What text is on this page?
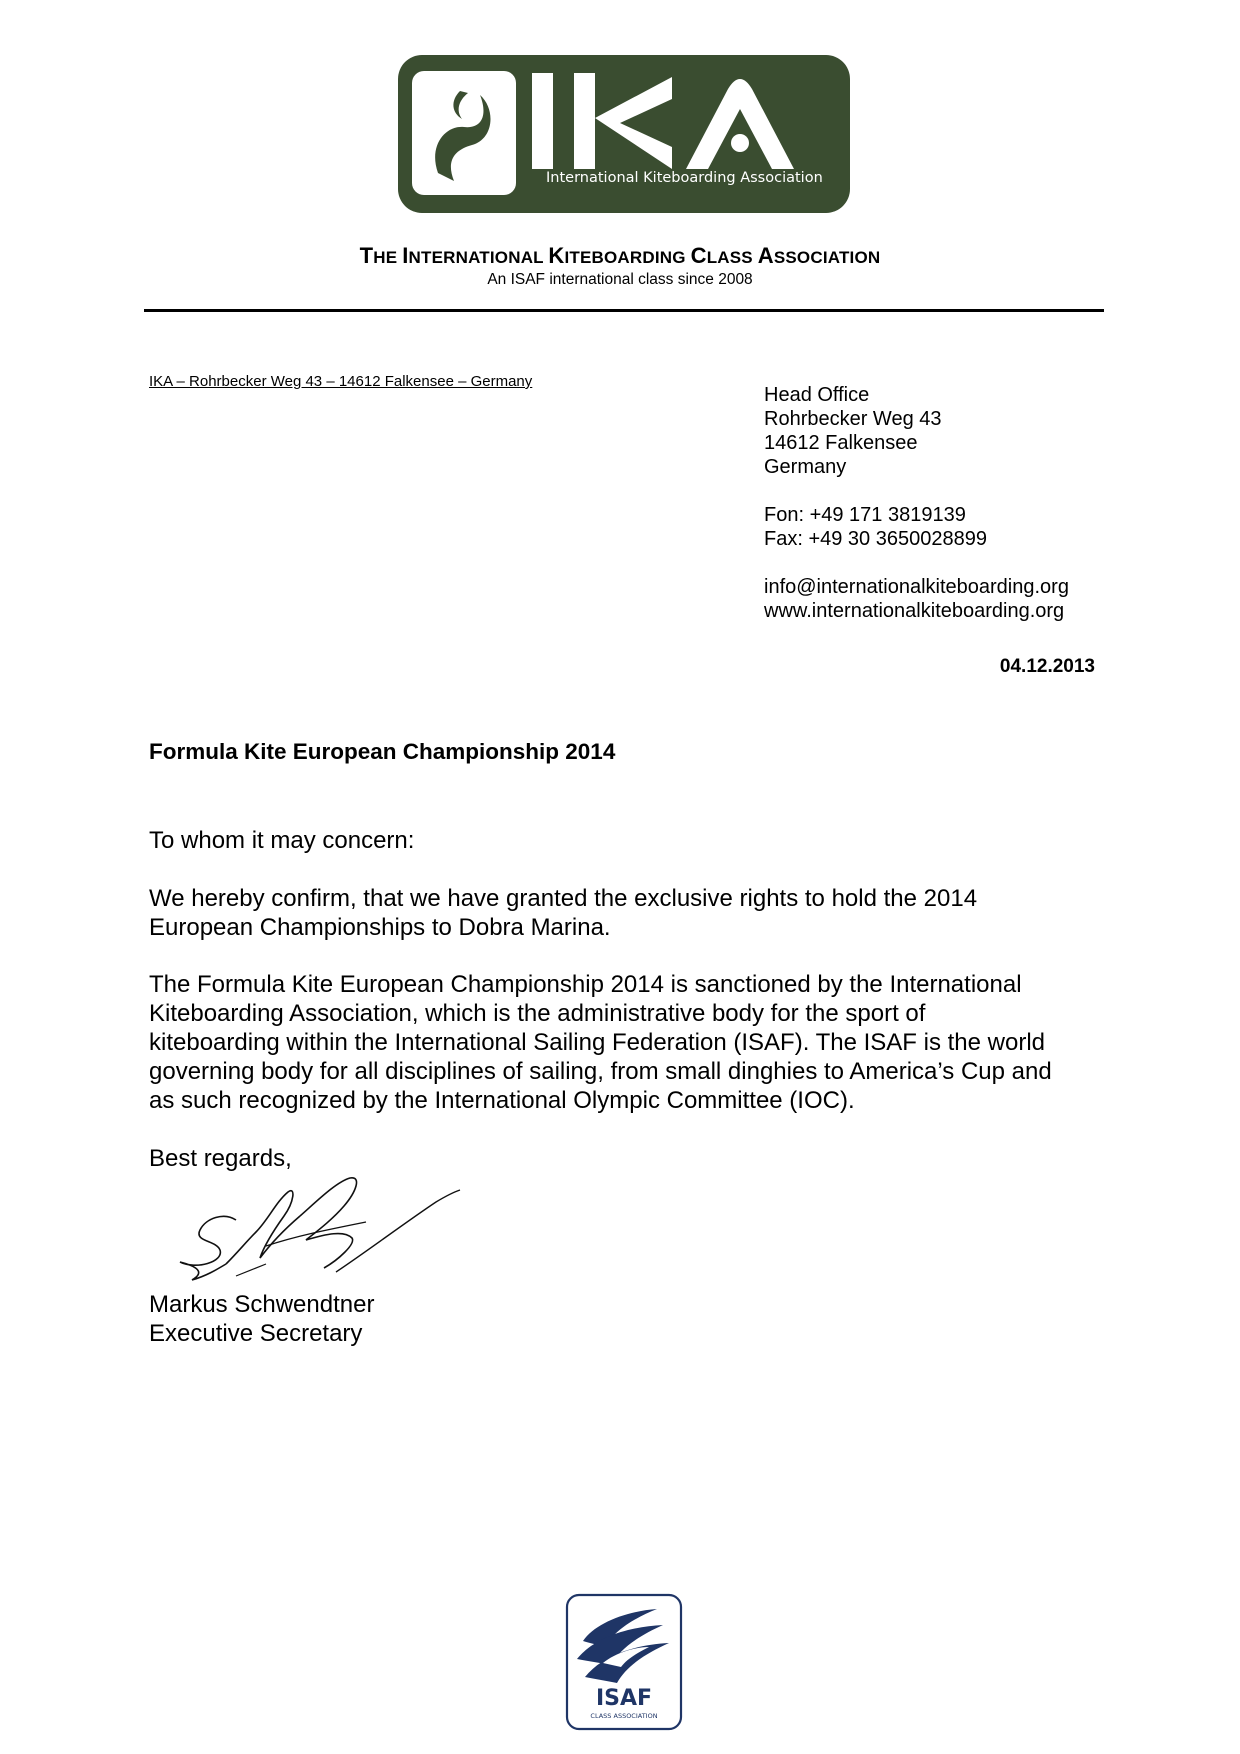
International Kiteboarding Association
THE INTERNATIONAL KITEBOARDING CLASS ASSOCIATION
An ISAF international class since 2008
IKA – Rohrbecker Weg 43 – 14612 Falkensee – Germany
Head Office
Rohrbecker Weg 43
14612 Falkensee
Germany
Fon: +49 171 3819139
Fax: +49 30 3650028899
info@internationalkiteboarding.org
www.internationalkiteboarding.org
04.12.2013
Formula Kite European Championship 2014
To whom it may concern:
We hereby confirm, that we have granted the exclusive rights to hold the 2014
European Championships to Dobra Marina.
The Formula Kite European Championship 2014 is sanctioned by the International
Kiteboarding Association, which is the administrative body for the sport of
kiteboarding within the International Sailing Federation (ISAF). The ISAF is the world
governing body for all disciplines of sailing, from small dinghies to America’s Cup and
as such recognized by the International Olympic Committee (IOC).
Best regards,
Markus Schwendtner
Executive Secretary
ISAF
CLASS ASSOCIATION
